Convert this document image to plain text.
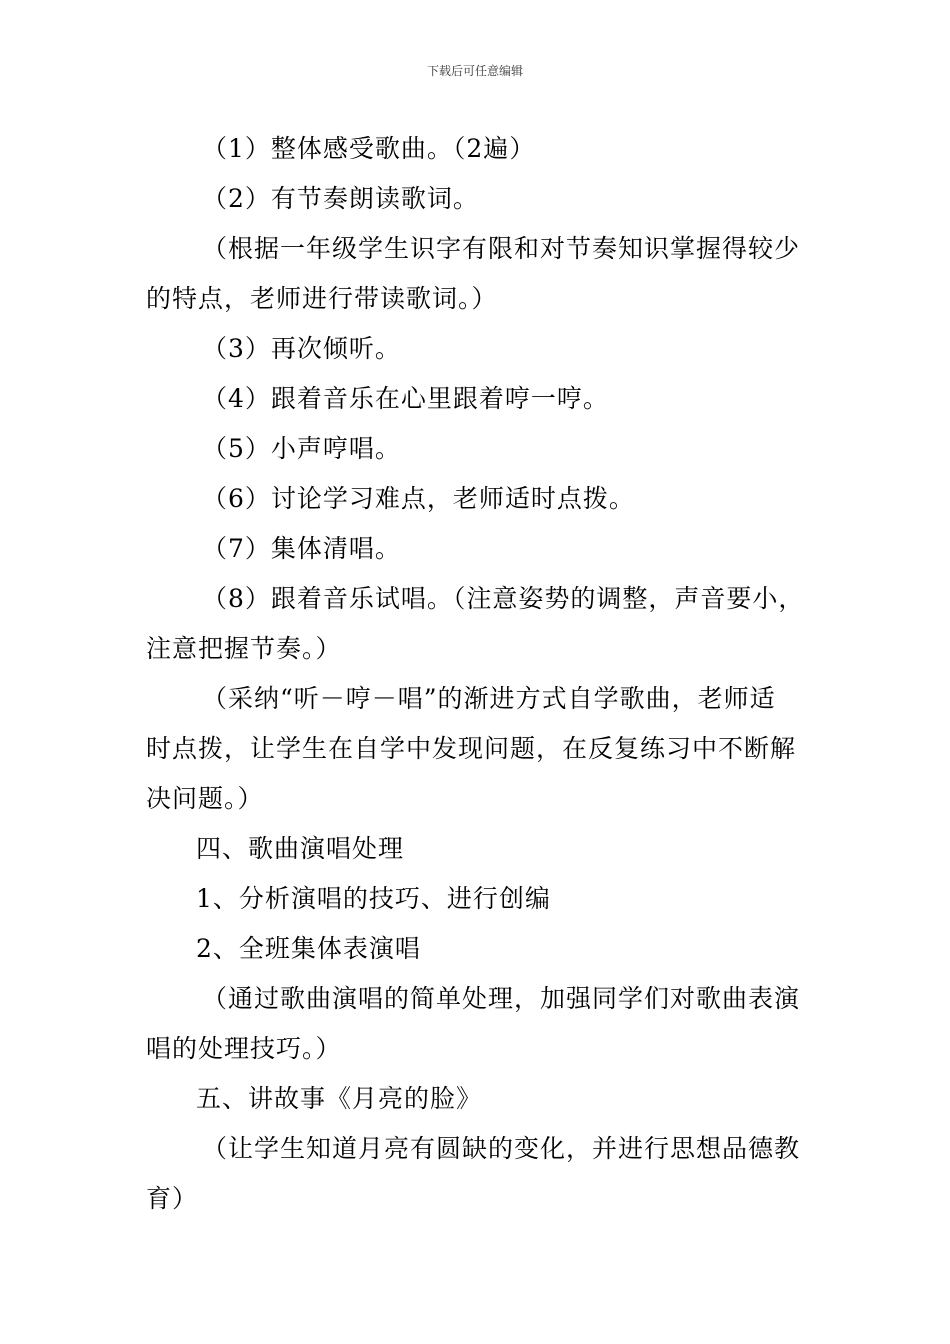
下载后可任意编辑
（1）整体感受歌曲。（2遍）
（2）有节奏朗读歌词。
（根据一年级学生识字有限和对节奏知识掌握得较少
的特点，老师进行带读歌词。）
（3）再次倾听。
（4）跟着音乐在心里跟着哼一哼。
（5）小声哼唱。
（6）讨论学习难点，老师适时点拨。
（7）集体清唱。
（8）跟着音乐试唱。（注意姿势的调整，声音要小，
注意把握节奏。）
（采纳“听－哼－唱”的渐进方式自学歌曲，老师适
时点拨，让学生在自学中发现问题，在反复练习中不断解
决问题。）
四、歌曲演唱处理
1、分析演唱的技巧、进行创编
2、全班集体表演唱
（通过歌曲演唱的简单处理，加强同学们对歌曲表演
唱的处理技巧。）
五、讲故事《月亮的脸》
（让学生知道月亮有圆缺的变化，并进行思想品德教
育）
